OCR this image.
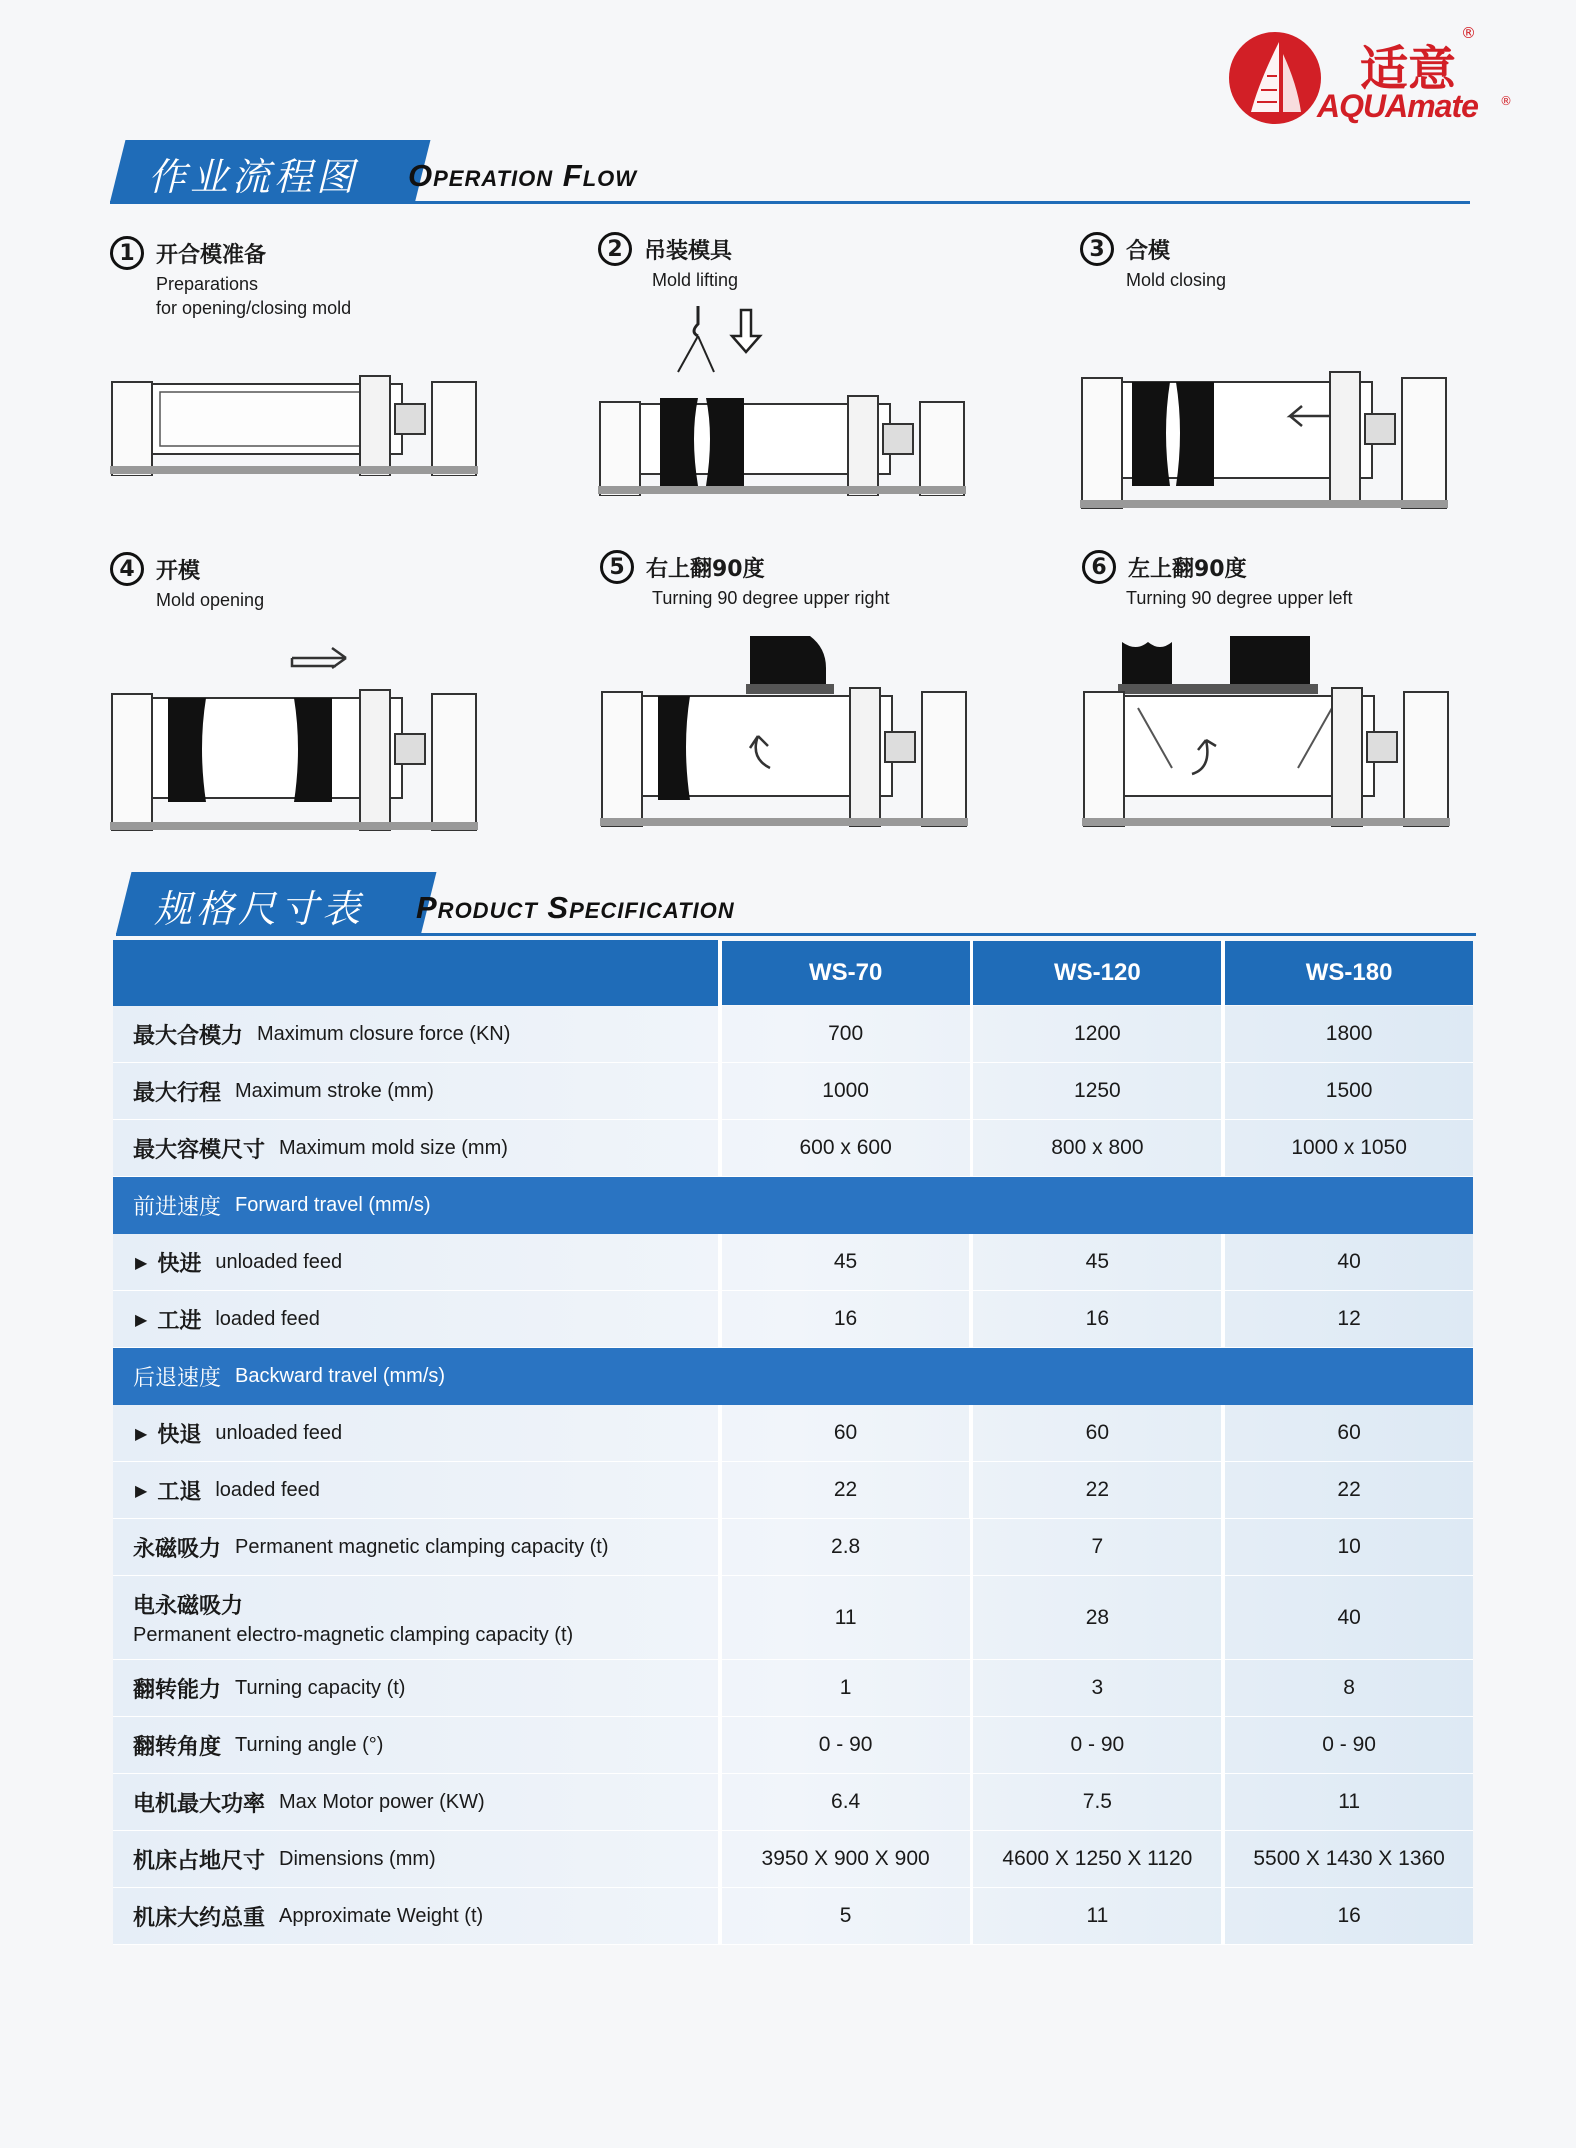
适意
®
AQUAmate ®
作业流程图 Operation Flow
1 开合模准备
Preparations
for opening/closing mold
2 吊装模具
Mold lifting
3 合模
Mold closing
4 开模
Mold opening
5 右上翻90度
Turning 90 degree upper right
6 左上翻90度
Turning 90 degree upper left
规格尺寸表 Product Specification
WS-70	WS-120	WS-180
最大合模力 Maximum closure force (KN)	700	1200	1800
最大行程 Maximum stroke (mm)	1000	1250	1500
最大容模尺寸 Maximum mold size (mm)	600 x 600	800 x 800	1000 x 1050
前进速度 Forward travel (mm/s)
▶ 快进 unloaded feed	45	45	40
▶ 工进 loaded feed	16	16	12
后退速度 Backward travel (mm/s)
▶ 快退 unloaded feed	60	60	60
▶ 工退 loaded feed	22	22	22
永磁吸力 Permanent magnetic clamping capacity (t)	2.8	7	10
电永磁吸力
Permanent electro-magnetic clamping capacity (t)
11	28	40
翻转能力 Turning capacity (t)	1	3	8
翻转角度 Turning angle (°)	0 - 90	0 - 90	0 - 90
电机最大功率 Max Motor power (KW)	6.4	7.5	11
机床占地尺寸 Dimensions (mm)	3950 X 900 X 900	4600 X 1250 X 1120	5500 X 1430 X 1360
机床大约总重 Approximate Weight (t)	5	11	16
